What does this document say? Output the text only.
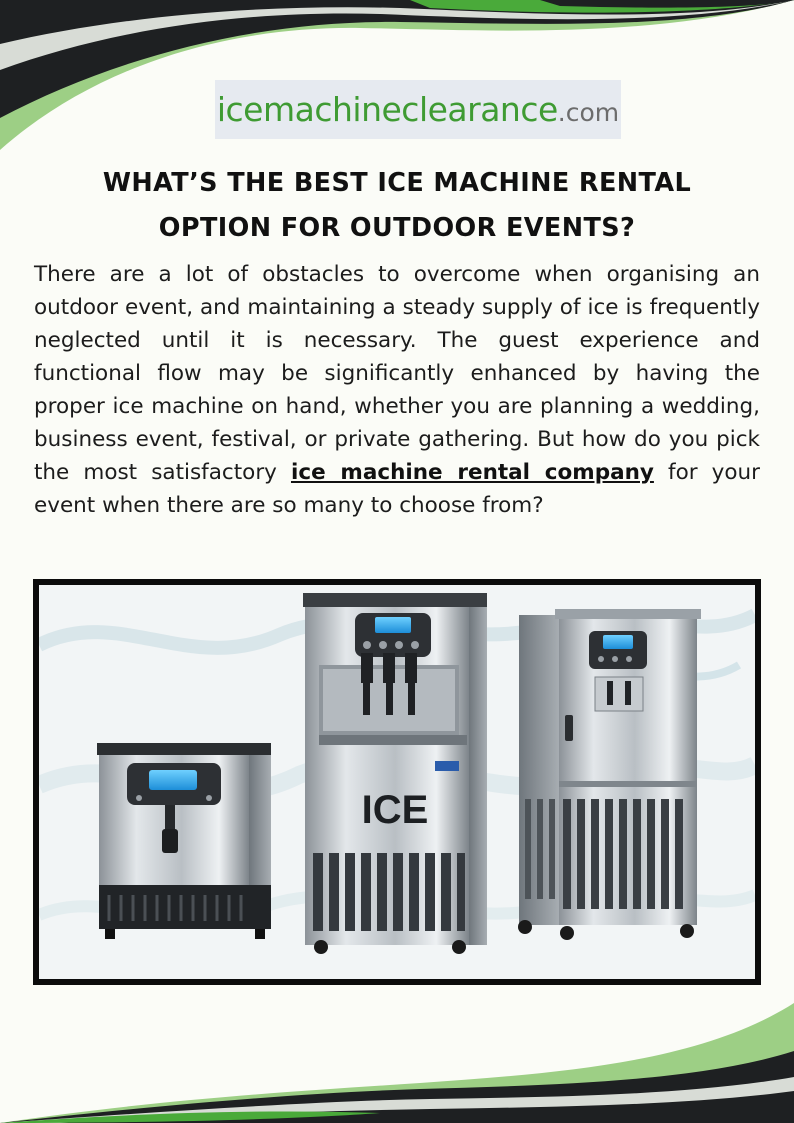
icemachineclearance.com
WHAT’S THE BEST ICE MACHINE RENTAL
OPTION FOR OUTDOOR EVENTS?

There are a lot of obstacles to overcome when organising an outdoor event, and maintaining a steady supply of ice is frequently neglected until it is necessary. The guest experience and functional flow may be significantly enhanced by having the proper ice machine on hand, whether you are planning a wedding, business event, festival, or private gathering. But how do you pick the most satisfactory ice machine rental company for your event when there are so many to choose from?

ICE
